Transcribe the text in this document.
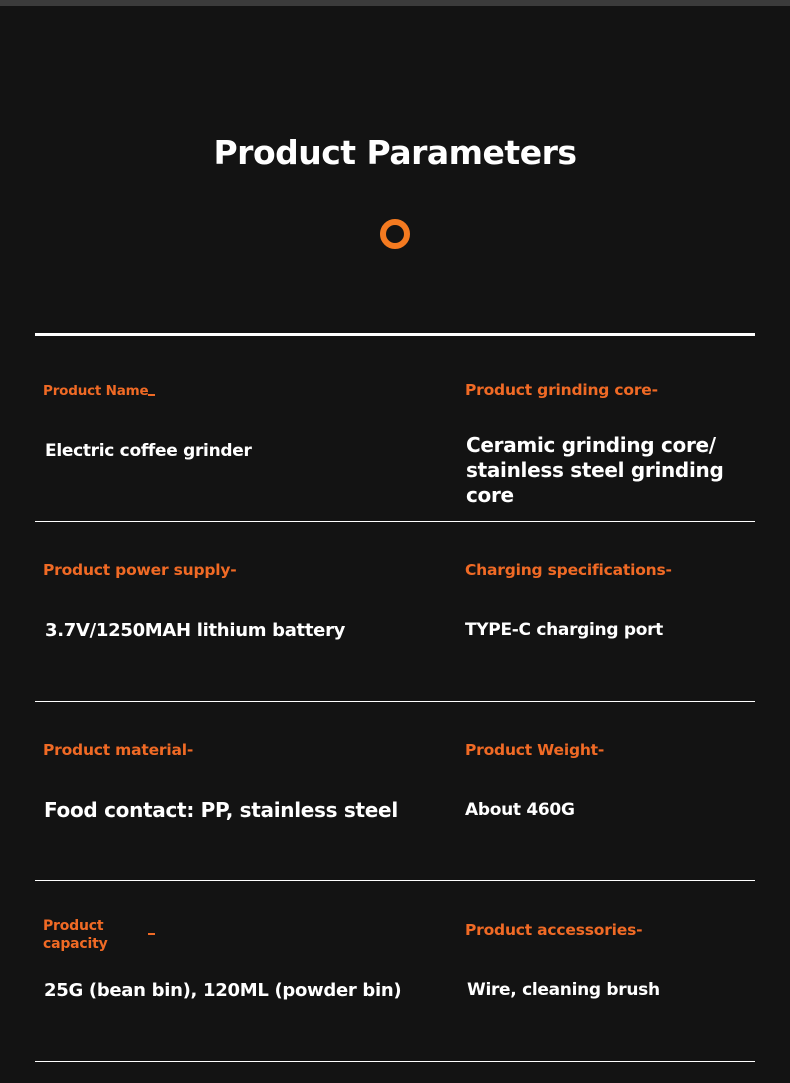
Product Parameters
Product Name
Electric coffee grinder
Product grinding core-
Ceramic grinding core/ stainless steel grinding core
Product power supply-
3.7V/1250MAH lithium battery
Charging specifications-
TYPE-C charging port
Product material-
Food contact: PP, stainless steel
Product Weight-
About 460G
Product capacity
25G (bean bin), 120ML (powder bin)
Product accessories-
Wire, cleaning brush
